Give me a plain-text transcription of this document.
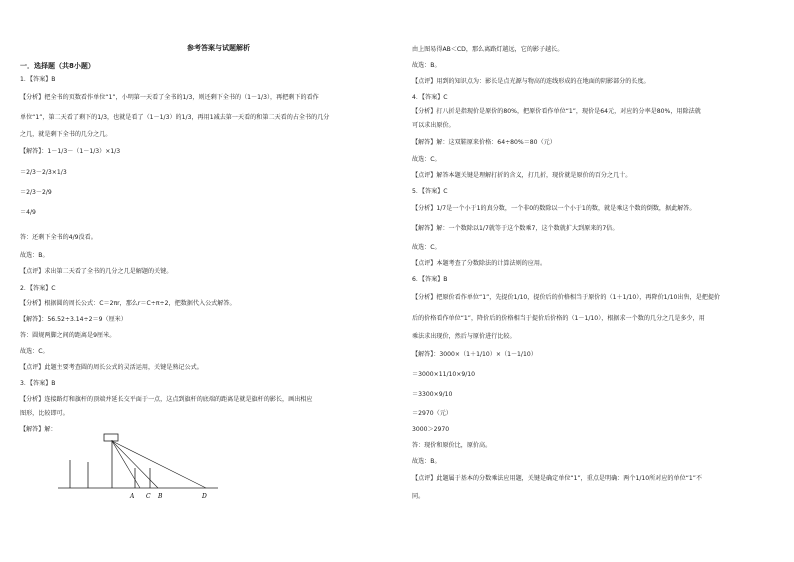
参考答案与试题解析
一．选择题（共8小题）
1．【答案】B
【分析】把全书的页数看作单位“1”，小明第一天看了全书的1/3，则还剩下全书的（1－1/3），再把剩下的看作
单位“1”，第二天看了剩下的1/3，也就是看了（1－1/3）的1/3，再用1减去第一天看的和第二天看的占全书的几分
之几，就是剩下全书的几分之几。
【解答】：1－1/3－（1－1/3）×1/3
＝2/3－2/3×1/3
＝2/3－2/9
＝4/9
答：还剩下全书的4/9没看。
故选：B。
【点评】求出第二天看了全书的几分之几是解题的关键。
2．【答案】C
【分析】根据圆的周长公式：C＝2πr，那么r＝C÷π÷2，把数据代入公式解答。
【解答】：56.52÷3.14÷2＝9（厘米）
答：圆规两脚之间的距离是9厘米。
故选：C。
【点评】此题主要考查圆的周长公式的灵活运用，关键是熟记公式。
3．【答案】B
【分析】连接路灯和旗杆的顶端并延长交平面于一点，这点到旗杆的底端的距离是就是旗杆的影长，画出相应
图形，比较即可。
【解答】解：
由上图易得AB＜CD，那么离路灯越远，它的影子越长。
故选：B。
【点评】用到的知识点为：影长是点光源与物高的连线形成的在地面的阴影部分的长度。
4．【答案】C
【分析】打八折是指现价是原价的80%，把原价看作单位“1”，现价是64元，对应的分率是80%，用除法就
可以求出原价。
【解答】解：这双鞋原来价格：64÷80%＝80（元）
故选：C。
【点评】解答本题关键是理解打折的含义，打几折，现价就是原价的百分之几十。
5．【答案】C
【分析】1/7是一个小于1的真分数，一个非0的数除以一个小于1的数，就是乘这个数的倒数，据此解答。
【解答】解：一个数除以1/7就等于这个数乘7，这个数就扩大到原来的7倍。
故选：C。
【点评】本题考查了分数除法的计算法则的应用。
6．【答案】B
【分析】把原价看作单位“1”，先提价1/10，提价后的价格相当于原价的（1＋1/10），再降价1/10出售，是把提价
后的价格看作单位“1”，降价后的价格相当于提价后价格的（1－1/10），根据求一个数的几分之几是多少，用
乘法求出现价，然后与原价进行比较。
【解答】：3000×（1＋1/10）×（1－1/10）
＝3000×11/10×9/10
＝3300×9/10
＝2970（元）
3000＞2970
答：现价和原价比，原价高。
故选：B。
【点评】此题属于基本的分数乘法应用题，关键是确定单位“1”，重点是明确：两个1/10所对应的单位“1”不
同。
A C B	D
